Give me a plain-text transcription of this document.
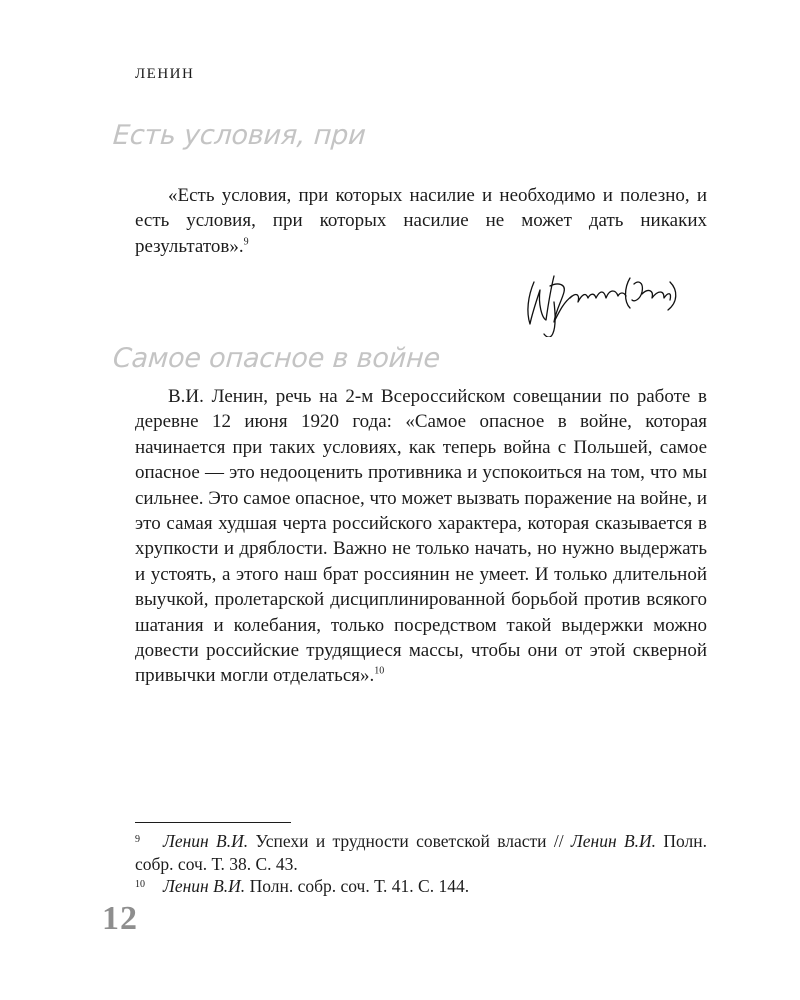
ЛЕНИН
Есть условия, при

«Есть условия, при которых насилие и необходимо и полезно, и есть условия, при которых насилие не может дать никаких результатов».$^9$

Самое опасное в войне

В.И. Ленин, речь на 2-м Всероссийском совещании по работе в деревне 12 июня 1920 года: «Самое опасное в войне, которая начинается при таких условиях, как теперь война с Польшей, самое опасное — это недооценить противника и успокоиться на том, что мы сильнее. Это самое опасное, что может вызвать поражение на войне, и это самая худшая черта российского характера, которая сказывается в хрупкости и дряблости. Важно не только начать, но нужно выдержать и устоять, а этого наш брат россиянин не умеет. И только длительной выучкой, пролетарской дисциплинированной борьбой против всякого шатания и колебания, только посредством такой выдержки можно довести российские трудящиеся массы, чтобы они от этой скверной привычки могли отделаться».$^{10}$

9 Ленин В.И. Успехи и трудности советской власти // Ленин В.И. Полн. собр. соч. Т. 38. С. 43.

10 Ленин В.И. Полн. собр. соч. Т. 41. С. 144.

12
